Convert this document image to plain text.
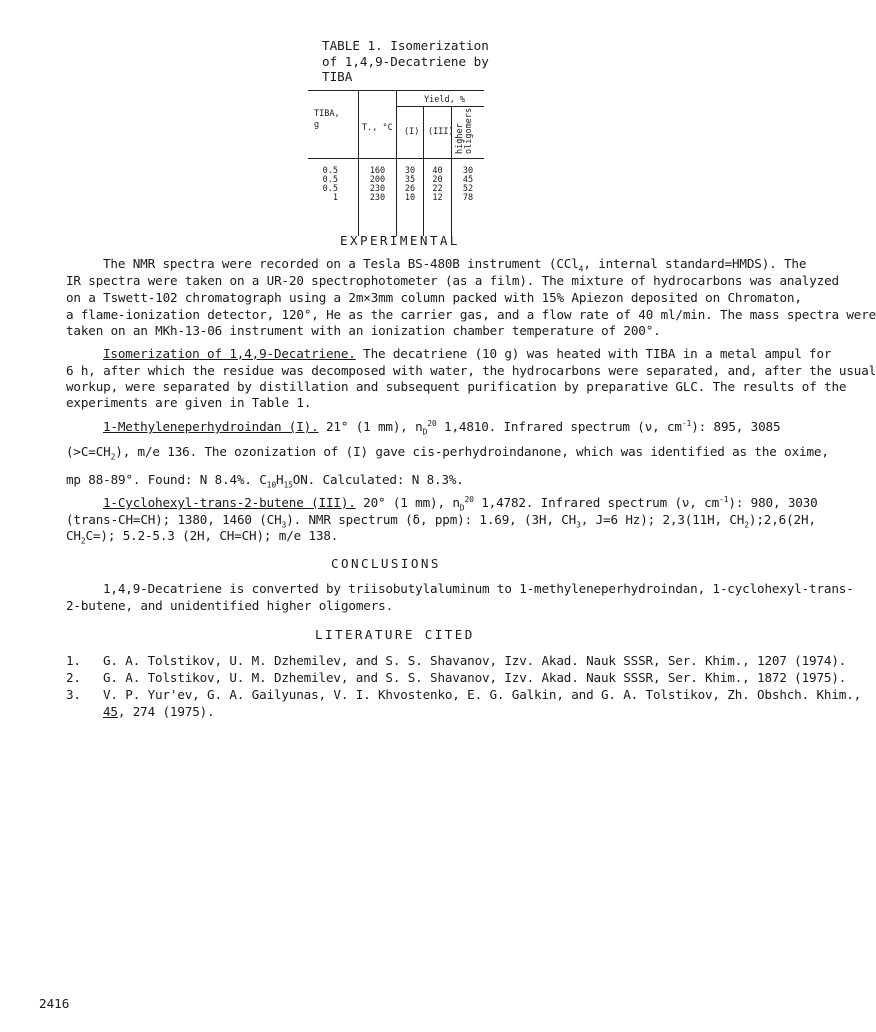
TABLE 1. Isomerization
of 1,4,9-Decatriene by
TIBA
TIBA,
g	T., °C
Yield, %
(I) (III) higher oligomers
0.5
0.5
0.5
1
160
200
230
230
30
35
26
10
40
20
22
12
30
45
52
78
EXPERIMENTAL
The NMR spectra were recorded on a Tesla BS-480B instrument (CCl$_4$, internal standard=HMDS). The
IR spectra were taken on a UR-20 spectrophotometer (as a film). The mixture of hydrocarbons was analyzed
on a Tswett-102 chromatograph using a 2m×3mm column packed with 15% Apiezon deposited on Chromaton,
a flame-ionization detector, 120°, He as the carrier gas, and a flow rate of 40 ml/min. The mass spectra were
taken on an MKh-13-06 instrument with an ionization chamber temperature of 200°.
Isomerization of 1,4,9-Decatriene. The decatriene (10 g) was heated with TIBA in a metal ampul for
6 h, after which the residue was decomposed with water, the hydrocarbons were separated, and, after the usual
workup, were separated by distillation and subsequent purification by preparative GLC. The results of the
experiments are given in Table 1.
1-Methyleneperhydroindan (I). 21° (1 mm), $n_D^{20}$ 1,4810. Infrared spectrum (ν, $cm^{-1}$): 895, 3085
$(>C=CH_2)$, m/e 136. The ozonization of (I) gave cis-perhydroindanone, which was identified as the oxime,
mp 88-89°. Found: N 8.4%. $C_{10}H_{15}ON$. Calculated: N 8.3%.
1-Cyclohexyl-trans-2-butene (III). 20° (1 mm), $n_D^{20}$ 1,4782. Infrared spectrum (ν, $cm^{-1}$): 980, 3030
(trans-CH=CH); 1380, 1460 $(CH_3)$. NMR spectrum (δ, ppm): 1.69, (3H, $CH_3$, J=6 Hz); 2,3(11H, $CH_2);2,6(2H$,
$CH_2C=$); 5.2-5.3 (2H, CH=CH); m/e 138.
CONCLUSIONS
1,4,9-Decatriene is converted by triisobutylaluminum to 1-methyleneperhydroindan, 1-cyclohexyl-trans-
2-butene, and unidentified higher oligomers.
LITERATURE CITED
1. G. A. Tolstikov, U. M. Dzhemilev, and S. S. Shavanov, Izv. Akad. Nauk SSSR, Ser. Khim., 1207 (1974).
2. G. A. Tolstikov, U. M. Dzhemilev, and S. S. Shavanov, Izv. Akad. Nauk SSSR, Ser. Khim., 1872 (1975).
3. V. P. Yur'ev, G. A. Gailyunas, V. I. Khvostenko, E. G. Galkin, and G. A. Tolstikov, Zh. Obshch. Khim.,
45, 274 (1975).
2416
